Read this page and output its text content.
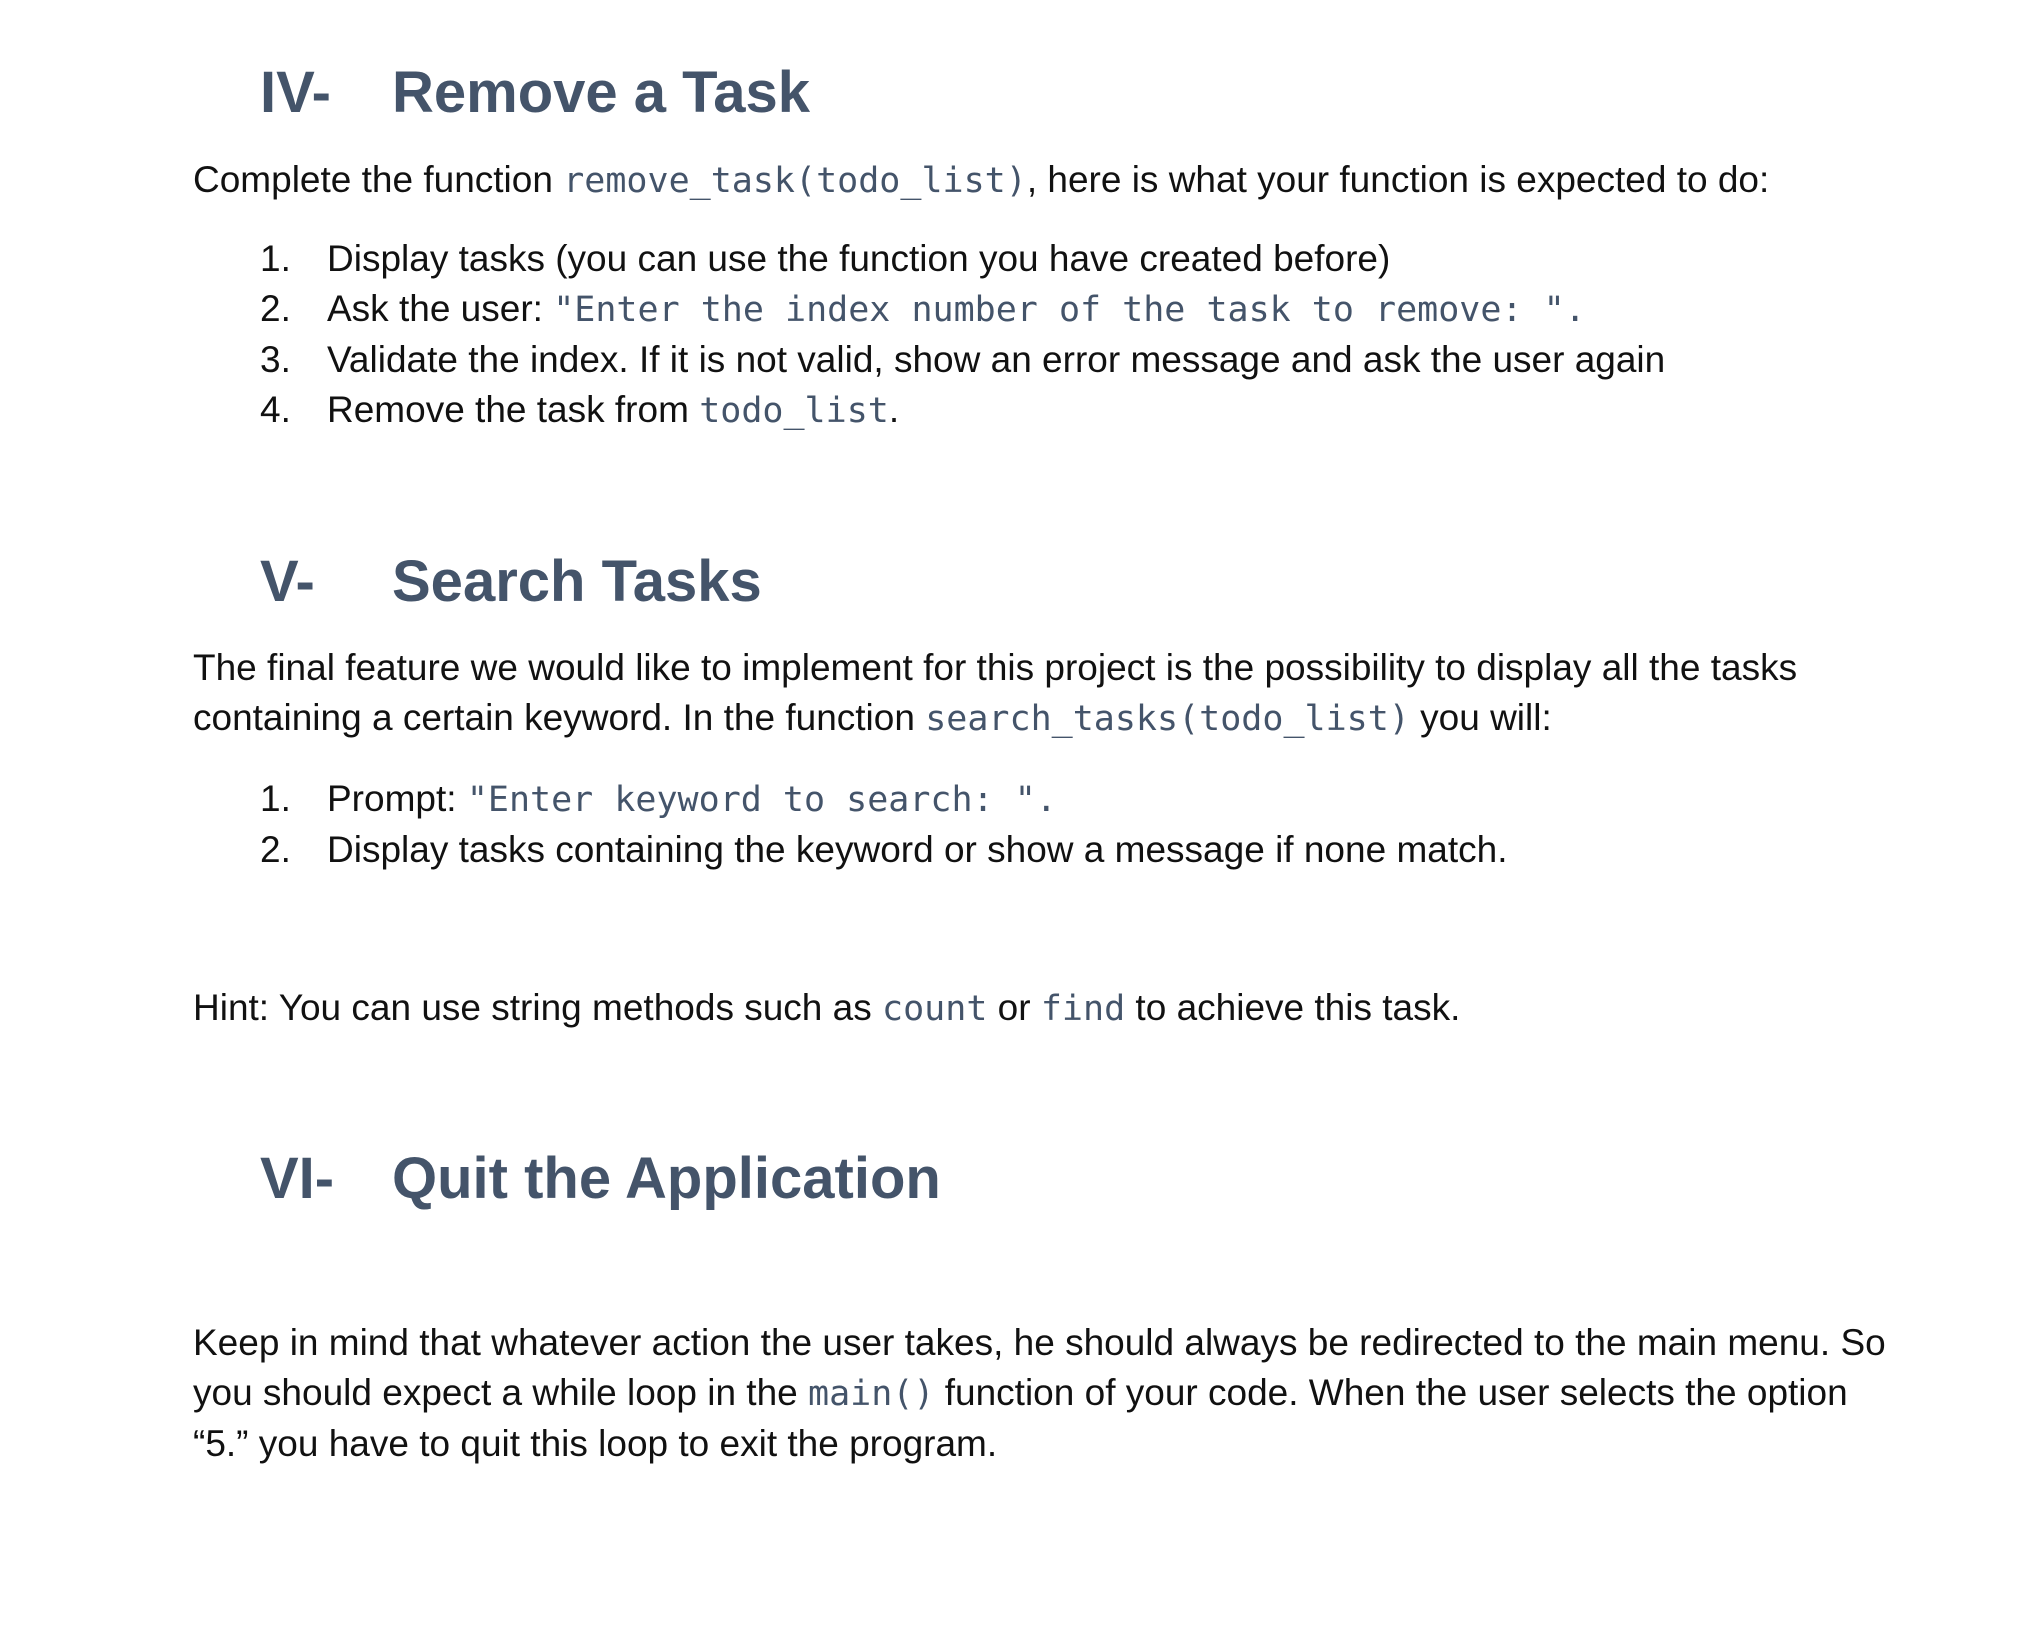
IV- Remove a Task
Complete the function remove_task(todo_list), here is what your function is expected to do:
1. Display tasks (you can use the function you have created before)
2. Ask the user: "Enter the index number of the task to remove: ".
3. Validate the index. If it is not valid, show an error message and ask the user again
4. Remove the task from todo_list.
V- Search Tasks
The final feature we would like to implement for this project is the possibility to display all the tasks
containing a certain keyword. In the function search_tasks(todo_list) you will:
1. Prompt: "Enter keyword to search: ".
2. Display tasks containing the keyword or show a message if none match.
Hint: You can use string methods such as count or find to achieve this task.
VI- Quit the Application
Keep in mind that whatever action the user takes, he should always be redirected to the main menu. So
you should expect a while loop in the main() function of your code. When the user selects the option
“5.” you have to quit this loop to exit the program.
